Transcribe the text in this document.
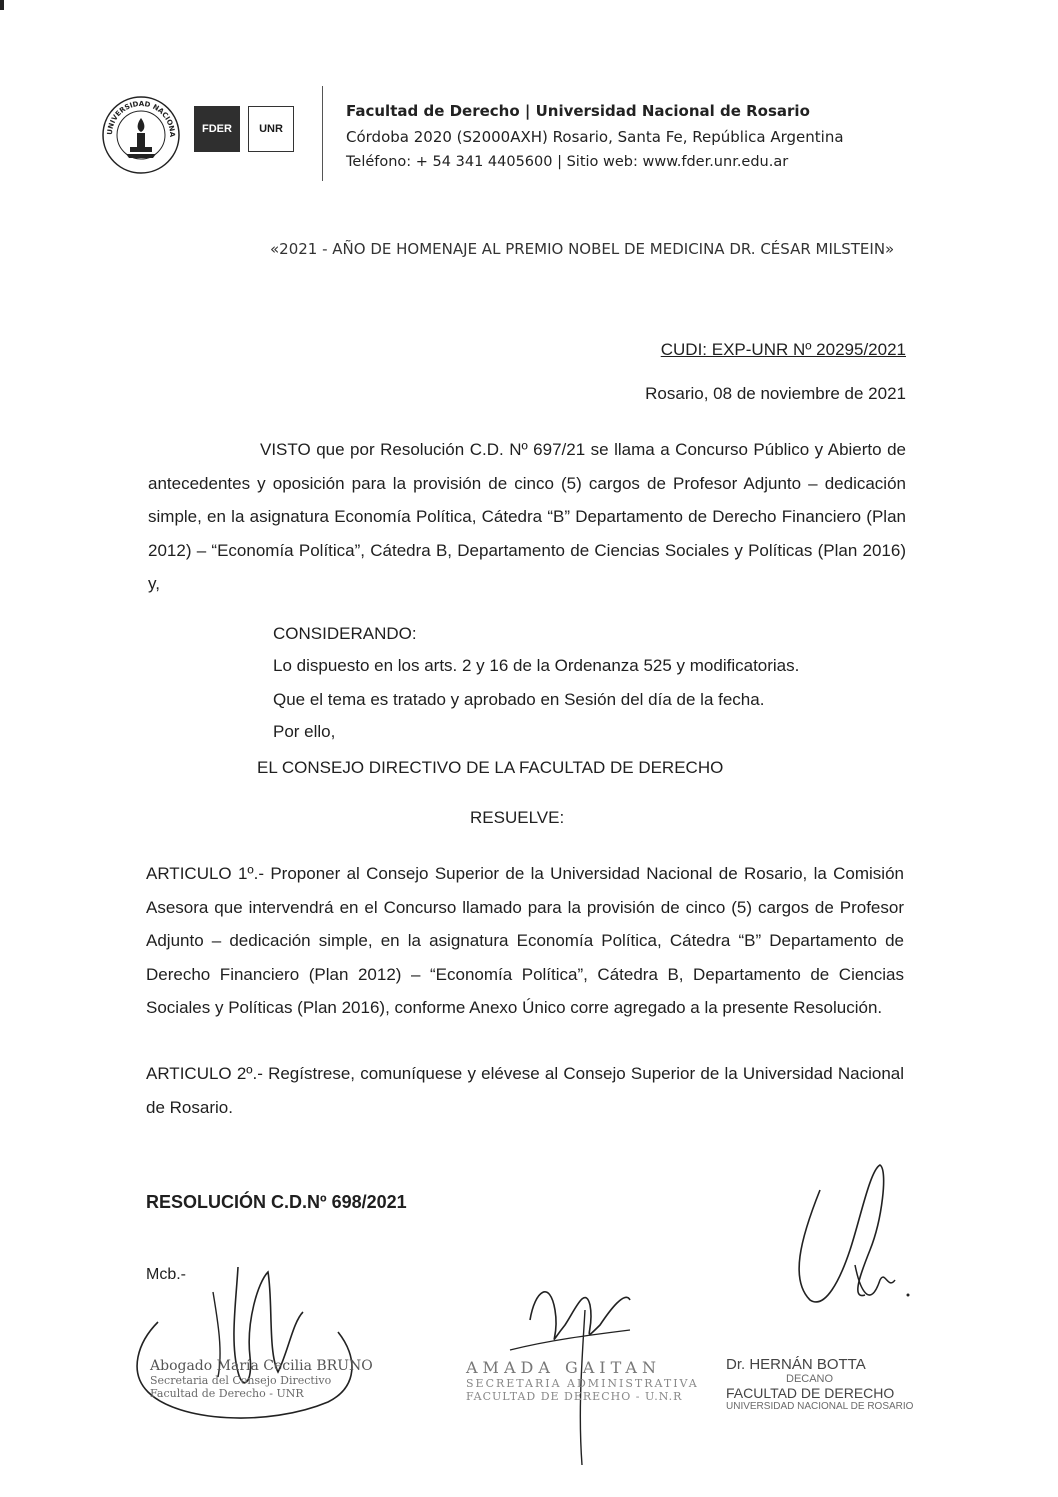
UNIVERSIDAD NACIONA	FDER	UNR
Facultad de Derecho | Universidad Nacional de Rosario
Córdoba 2020 (S2000AXH) Rosario, Santa Fe, República Argentina
Teléfono: + 54 341 4405600 | Sitio web: www.fder.unr.edu.ar
«2021 - AÑO DE HOMENAJE AL PREMIO NOBEL DE MEDICINA DR. CÉSAR MILSTEIN»
CUDI: EXP-UNR Nº 20295/2021
Rosario, 08 de noviembre de 2021
VISTO que por Resolución C.D. Nº 697/21 se llama a Concurso Público y Abierto de antecedentes y oposición para la provisión de cinco (5) cargos de Profesor Adjunto – dedicación simple, en la asignatura Economía Política, Cátedra “B” Departamento de Derecho Financiero (Plan 2012) – “Economía Política”, Cátedra B, Departamento de Ciencias Sociales y Políticas (Plan 2016) y,
CONSIDERANDO:
Lo dispuesto en los arts. 2 y 16 de la Ordenanza 525 y modificatorias.
Que el tema es tratado y aprobado en Sesión del día de la fecha.
Por ello,
EL CONSEJO DIRECTIVO DE LA FACULTAD DE DERECHO
RESUELVE:
ARTICULO 1º.- Proponer al Consejo Superior de la Universidad Nacional de Rosario, la Comisión Asesora que intervendrá en el Concurso llamado para la provisión de cinco (5) cargos de Profesor Adjunto – dedicación simple, en la asignatura Economía Política, Cátedra “B” Departamento de Derecho Financiero (Plan 2012) – “Economía Política”, Cátedra B, Departamento de Ciencias Sociales y Políticas (Plan 2016), conforme Anexo Único corre agregado a la presente Resolución.
ARTICULO 2º.- Regístrese, comuníquese y elévese al Consejo Superior de la Universidad Nacional de Rosario.
RESOLUCIÓN C.D.Nº 698/2021
Mcb.-
Abogado María Cecilia BRUNO
Secretaria del Consejo Directivo
Facultad de Derecho - UNR
AMADA GAITAN
SECRETARIA ADMINISTRATIVA
FACULTAD DE DERECHO - U.N.R
Dr. HERNÁN BOTTA
DECANO
FACULTAD DE DERECHO
UNIVERSIDAD NACIONAL DE ROSARIO
